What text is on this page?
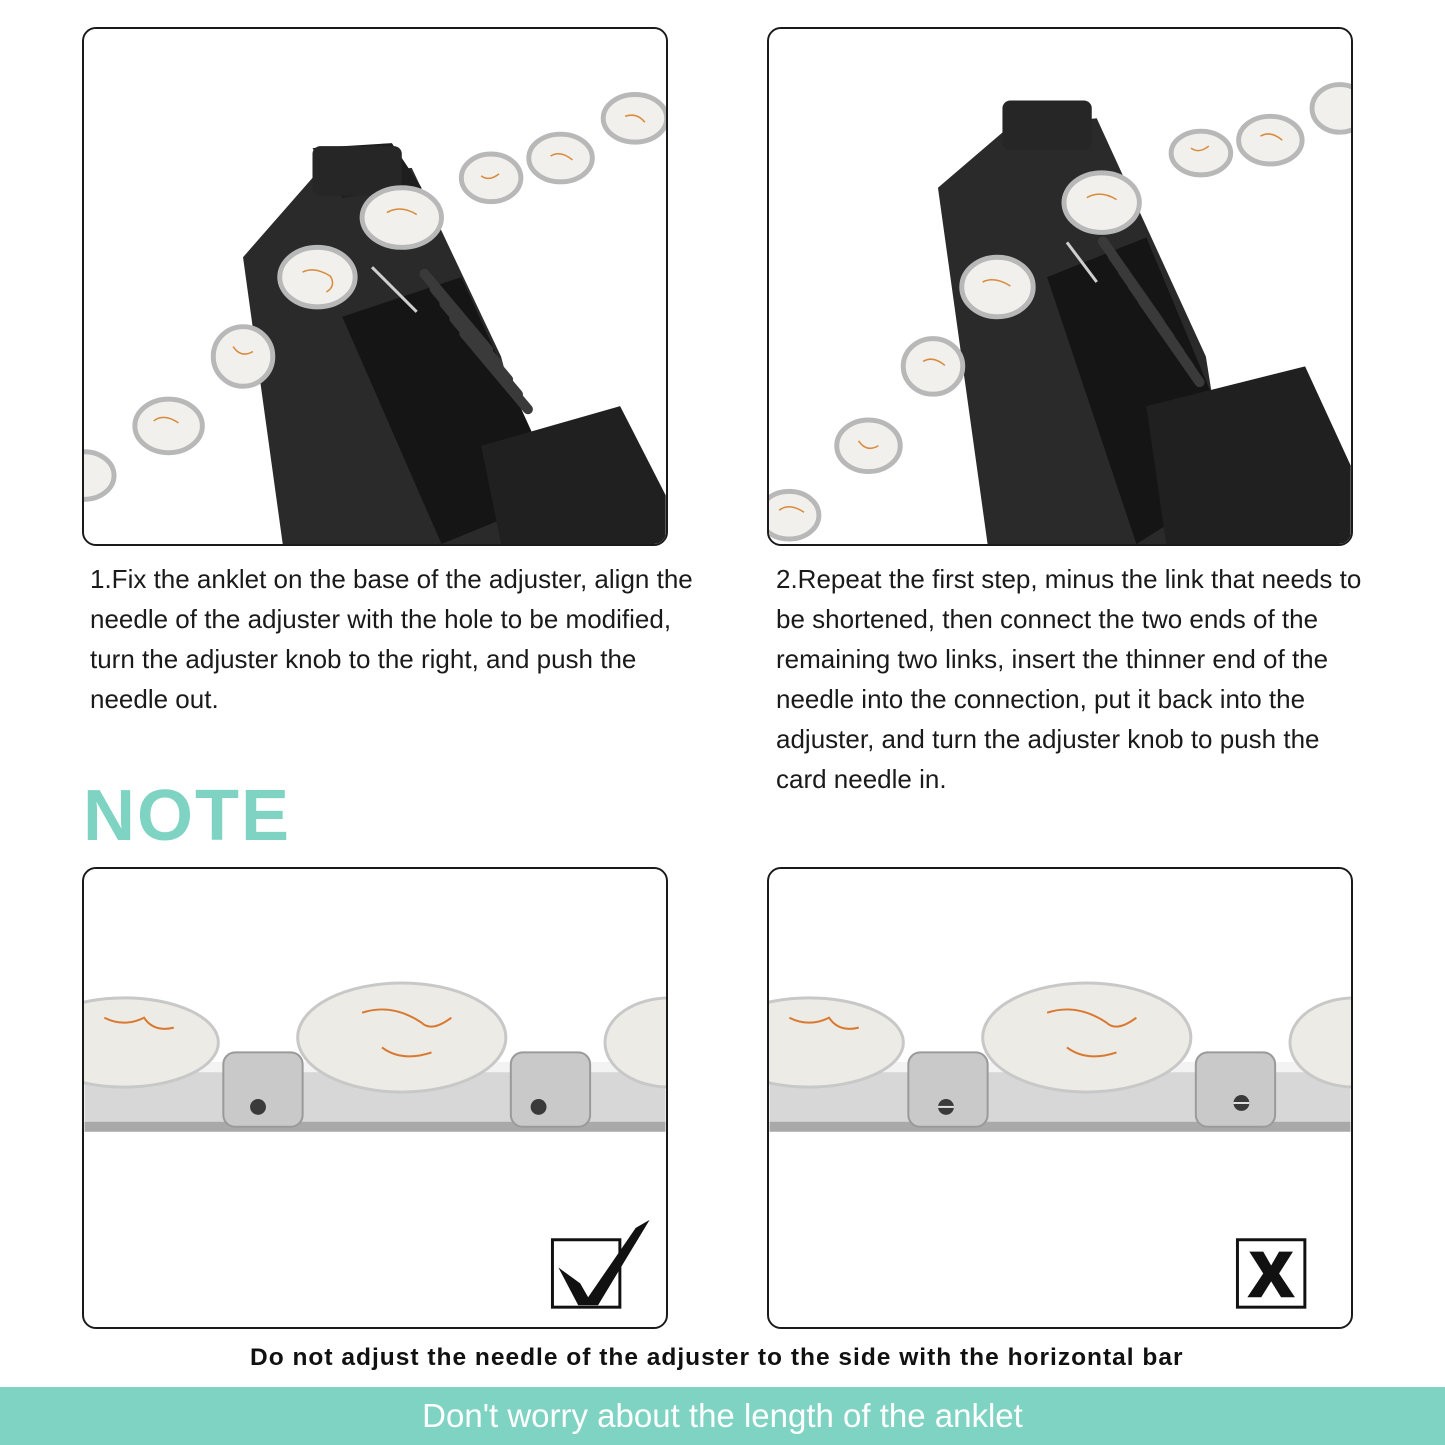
1.Fix the anklet on the base of the adjuster, align the needle of the adjuster with the hole to be modified, turn the adjuster knob to the right, and push the needle out.

2.Repeat the first step, minus the link that needs to be shortened, then connect the two ends of the remaining two links, insert the thinner end of the needle into the connection, put it back into the adjuster, and turn the adjuster knob to push the card needle in.

NOTE

Do not adjust the needle of the adjuster to the side with the horizontal bar

Don't worry about the length of the anklet
